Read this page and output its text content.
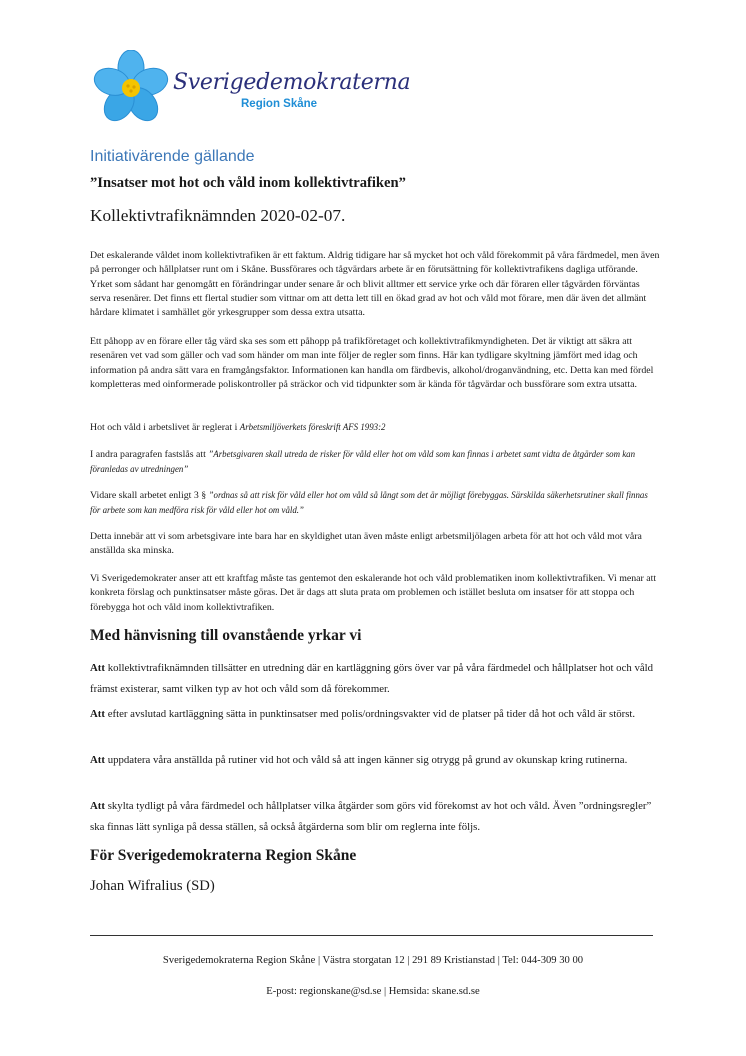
Sverigedemokraterna
Region Skåne
Initiativärende gällande
”Insatser mot hot och våld inom kollektivtrafiken”
Kollektivtrafiknämnden 2020-02-07.

Det eskalerande våldet inom kollektivtrafiken är ett faktum. Aldrig tidigare har så mycket hot och våld förekommit på våra färdmedel, men även på perronger och hållplatser runt om i Skåne. Bussförares och tågvärdars arbete är en förutsättning för kollektivtrafikens dagliga utförande. Yrket som sådant har genomgått en förändringar under senare år och blivit alltmer ett service yrke och där föraren eller tågvärden förväntas serva resenärer. Det finns ett flertal studier som vittnar om att detta lett till en ökad grad av hot och våld mot förare, men där även det allmänt hårdare klimatet i samhället gör yrkesgrupper som dessa extra utsatta.

Ett påhopp av en förare eller tåg värd ska ses som ett påhopp på trafikföretaget och kollektivtrafikmyndigheten. Det är viktigt att säkra att resenären vet vad som gäller och vad som händer om man inte följer de regler som finns. Här kan tydligare skyltning jämfört med idag och information på andra sätt vara en framgångsfaktor. Informationen kan handla om färdbevis, alkohol/droganvändning, etc. Detta kan med fördel kompletteras med oinformerade poliskontroller på sträckor och vid tidpunkter som är kända för tågvärdar och bussförare som extra utsatta.

Hot och våld i arbetslivet är reglerat i Arbetsmiljöverkets föreskrift AFS 1993:2

I andra paragrafen fastslås att ”Arbetsgivaren skall utreda de risker för våld eller hot om våld som kan finnas i arbetet samt vidta de åtgärder som kan föranledas av utredningen”

Vidare skall arbetet enligt 3 § ”ordnas så att risk för våld eller hot om våld så långt som det är möjligt förebyggas. Särskilda säkerhetsrutiner skall finnas för arbete som kan medföra risk för våld eller hot om våld.”

Detta innebär att vi som arbetsgivare inte bara har en skyldighet utan även måste enligt arbetsmiljölagen arbeta för att hot och våld mot våra anställda ska minska.

Vi Sverigedemokrater anser att ett kraftfag måste tas gentemot den eskalerande hot och våld problematiken inom kollektivtrafiken. Vi menar att konkreta förslag och punktinsatser måste göras. Det är dags att sluta prata om problemen och istället besluta om insatser för att stoppa och förebygga hot och våld inom kollektivtrafiken.

Med hänvisning till ovanstående yrkar vi

Att kollektivtrafiknämnden tillsätter en utredning där en kartläggning görs över var på våra färdmedel och hållplatser hot och våld främst existerar, samt vilken typ av hot och våld som då förekommer.

Att efter avslutad kartläggning sätta in punktinsatser med polis/ordningsvakter vid de platser på tider då hot och våld är störst.

Att uppdatera våra anställda på rutiner vid hot och våld så att ingen känner sig otrygg på grund av okunskap kring rutinerna.

Att skylta tydligt på våra färdmedel och hållplatser vilka åtgärder som görs vid förekomst av hot och våld. Även ”ordningsregler” ska finnas lätt synliga på dessa ställen, så också åtgärderna som blir om reglerna inte följs.

För Sverigedemokraterna Region Skåne
Johan Wifralius (SD)
Sverigedemokraterna Region Skåne | Västra storgatan 12 | 291 89 Kristianstad | Tel: 044-309 30 00
E-post: regionskane@sd.se | Hemsida: skane.sd.se
